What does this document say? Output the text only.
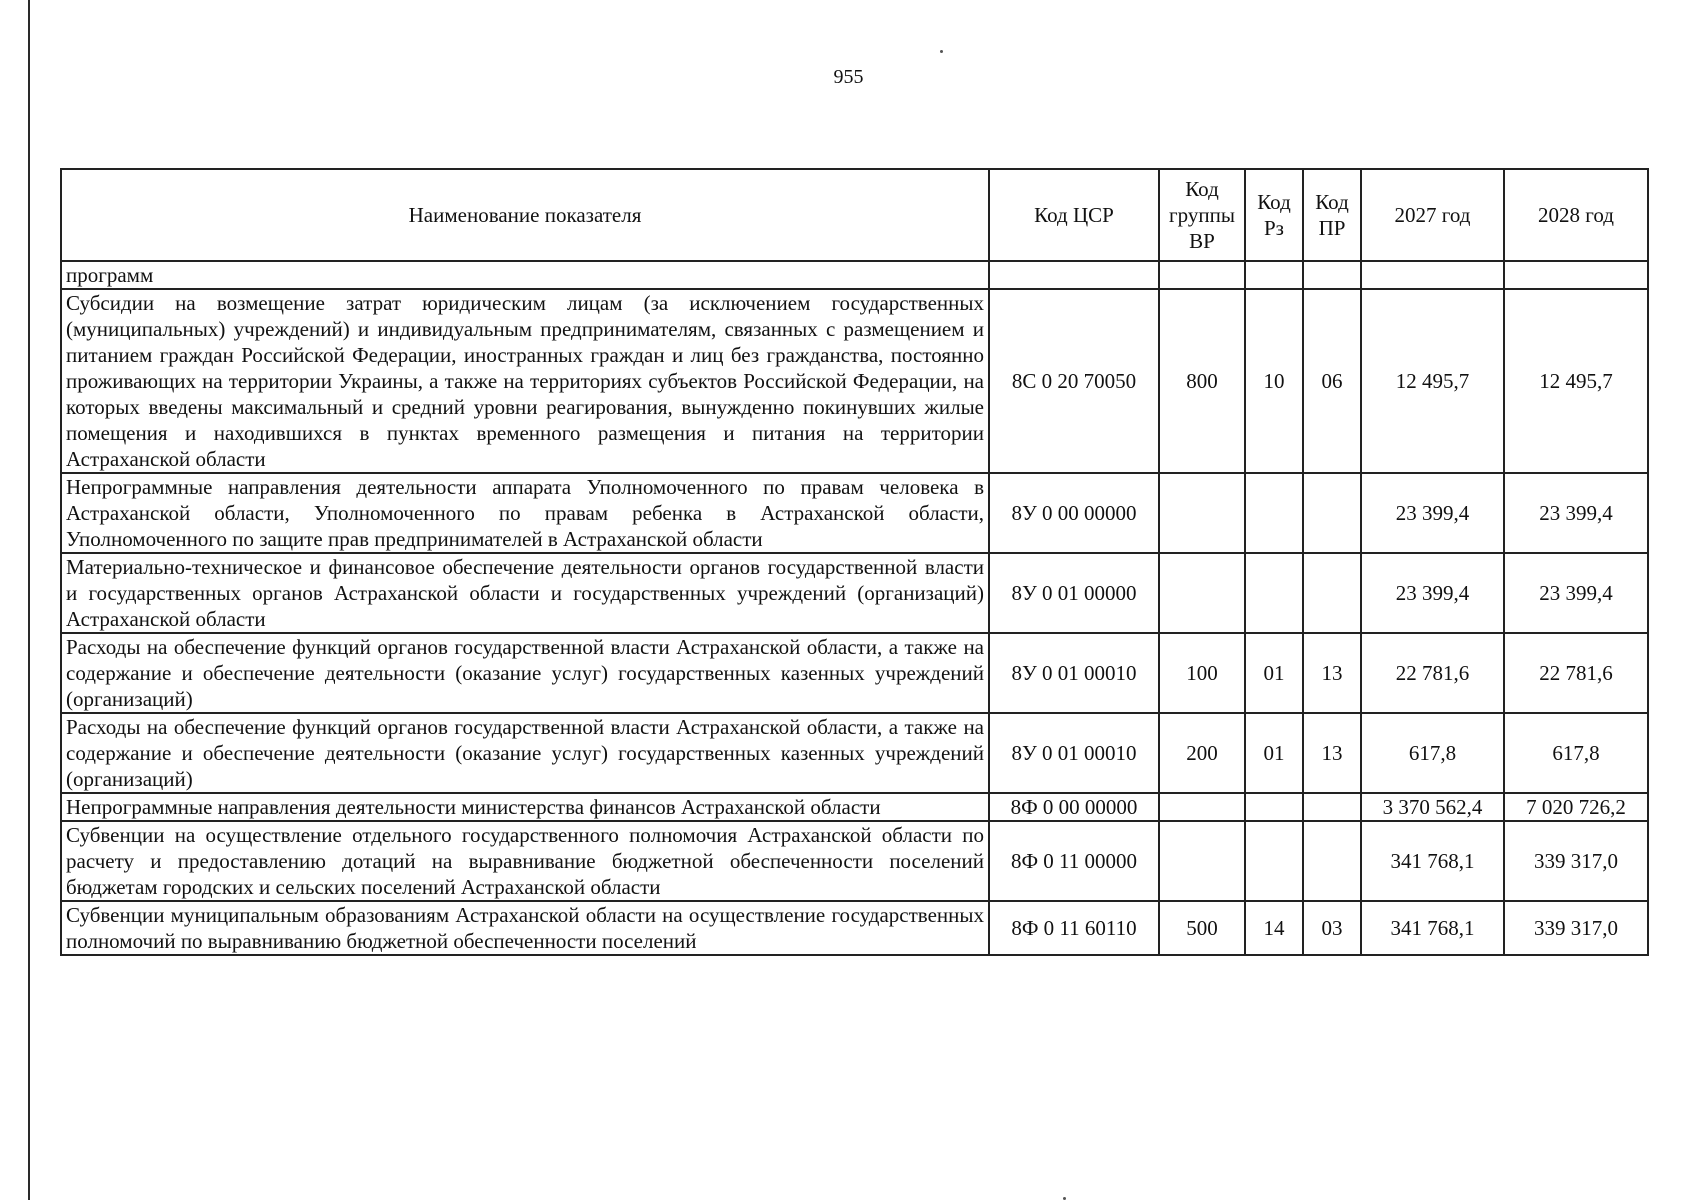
955
Наименование показателя	Код ЦСР	Код группы ВР	Код Рз	Код ПР	2027 год	2028 год
программ						
Субсидии на возмещение затрат юридическим лицам (за исключением государственных (муниципальных) учреждений) и индивидуальным предпринимателям, связанных с размещением и питанием граждан Российской Федерации, иностранных граждан и лиц без гражданства, постоянно проживающих на территории Украины, а также на территориях субъектов Российской Федерации, на которых введены максимальный и средний уровни реагирования, вынужденно покинувших жилые помещения и находившихся в пунктах временного размещения и питания на территории Астраханской области	8С 0 20 70050	800	10	06	12 495,7	12 495,7
Непрограммные направления деятельности аппарата Уполномоченного по правам человека в Астраханской области, Уполномоченного по правам ребенка в Астраханской области, Уполномоченного по защите прав предпринимателей в Астраханской области	8У 0 00 00000				23 399,4	23 399,4
Материально-техническое и финансовое обеспечение деятельности органов государственной власти и государственных органов Астраханской области и государственных учреждений (организаций) Астраханской области	8У 0 01 00000				23 399,4	23 399,4
Расходы на обеспечение функций органов государственной власти Астраханской области, а также на содержание и обеспечение деятельности (оказание услуг) государственных казенных учреждений (организаций)	8У 0 01 00010	100	01	13	22 781,6	22 781,6
Расходы на обеспечение функций органов государственной власти Астраханской области, а также на содержание и обеспечение деятельности (оказание услуг) государственных казенных учреждений (организаций)	8У 0 01 00010	200	01	13	617,8	617,8
Непрограммные направления деятельности министерства финансов Астраханской области	8Ф 0 00 00000				3 370 562,4	7 020 726,2
Субвенции на осуществление отдельного государственного полномочия Астраханской области по расчету и предоставлению дотаций на выравнивание бюджетной обеспеченности поселений бюджетам городских и сельских поселений Астраханской области	8Ф 0 11 00000				341 768,1	339 317,0
Субвенции муниципальным образованиям Астраханской области на осуществление государственных полномочий по выравниванию бюджетной обеспеченности поселений	8Ф 0 11 60110	500	14	03	341 768,1	339 317,0
